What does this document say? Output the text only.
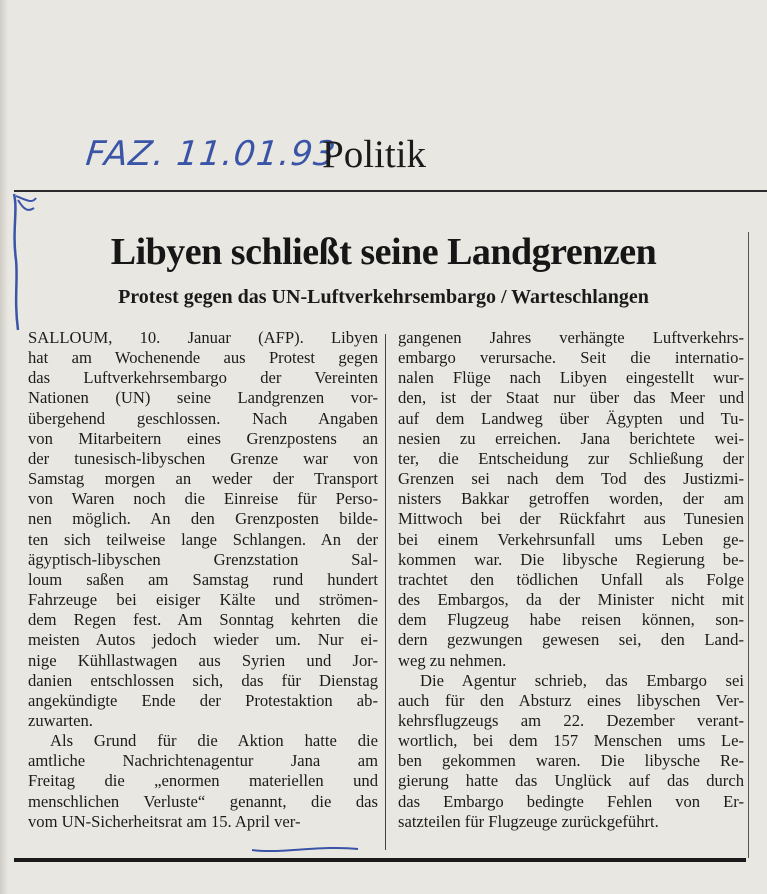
FAZ. 11.01.93
Politik
Libyen schließt seine Landgrenzen
Protest gegen das UN-Luftverkehrsembargo / Warteschlangen
SALLOUM, 10. Januar (AFP). Libyen
hat am Wochenende aus Protest gegen
das Luftverkehrsembargo der Vereinten
Nationen (UN) seine Landgrenzen vor-
übergehend geschlossen. Nach Angaben
von Mitarbeitern eines Grenzpostens an
der tunesisch-libyschen Grenze war von
Samstag morgen an weder der Transport
von Waren noch die Einreise für Perso-
nen möglich. An den Grenzposten bilde-
ten sich teilweise lange Schlangen. An der
ägyptisch-libyschen Grenzstation Sal-
loum saßen am Samstag rund hundert
Fahrzeuge bei eisiger Kälte und strömen-
dem Regen fest. Am Sonntag kehrten die
meisten Autos jedoch wieder um. Nur ei-
nige Kühllastwagen aus Syrien und Jor-
danien entschlossen sich, das für Dienstag
angekündigte Ende der Protestaktion ab-
zuwarten.
Als Grund für die Aktion hatte die
amtliche Nachrichtenagentur Jana am
Freitag die „enormen materiellen und
menschlichen Verluste“ genannt, die das
vom UN-Sicherheitsrat am 15. April ver-
gangenen Jahres verhängte Luftverkehrs-
embargo verursache. Seit die internatio-
nalen Flüge nach Libyen eingestellt wur-
den, ist der Staat nur über das Meer und
auf dem Landweg über Ägypten und Tu-
nesien zu erreichen. Jana berichtete wei-
ter, die Entscheidung zur Schließung der
Grenzen sei nach dem Tod des Justizmi-
nisters Bakkar getroffen worden, der am
Mittwoch bei der Rückfahrt aus Tunesien
bei einem Verkehrsunfall ums Leben ge-
kommen war. Die libysche Regierung be-
trachtet den tödlichen Unfall als Folge
des Embargos, da der Minister nicht mit
dem Flugzeug habe reisen können, son-
dern gezwungen gewesen sei, den Land-
weg zu nehmen.
Die Agentur schrieb, das Embargo sei
auch für den Absturz eines libyschen Ver-
kehrsflugzeugs am 22. Dezember verant-
wortlich, bei dem 157 Menschen ums Le-
ben gekommen waren. Die libysche Re-
gierung hatte das Unglück auf das durch
das Embargo bedingte Fehlen von Er-
satzteilen für Flugzeuge zurückgeführt.
